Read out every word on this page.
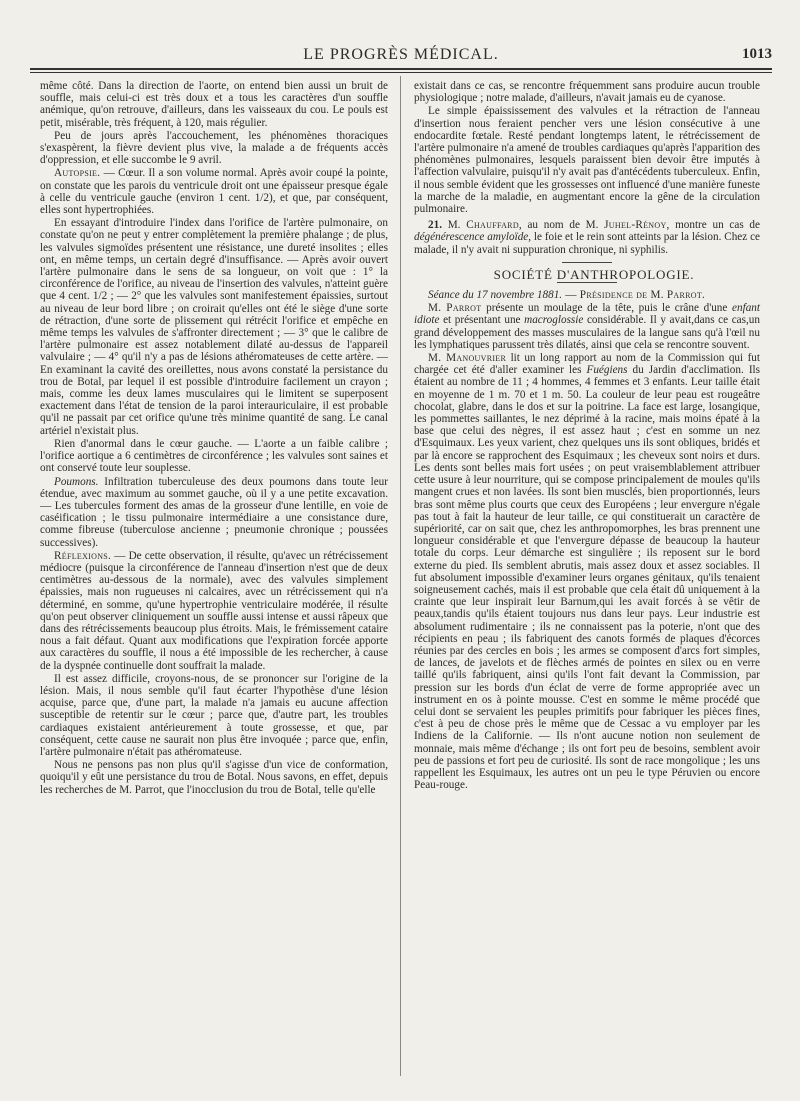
LE PROGRÈS MÉDICAL.	1013

même côté. Dans la direction de l'aorte, on entend bien aussi un bruit de souffle, mais celui-ci est très doux et a tous les caractères d'un souffle anémique, qu'on retrouve, d'ailleurs, dans les vaisseaux du cou. Le pouls est petit, misérable, très fréquent, à 120, mais régulier.

Peu de jours après l'accouchement, les phénomènes thoraciques s'exaspèrent, la fièvre devient plus vive, la malade a de fréquents accès d'oppression, et elle succombe le 9 avril.

Autopsie. — Cœur. Il a son volume normal. Après avoir coupé la pointe, on constate que les parois du ventricule droit ont une épaisseur presque égale à celle du ventricule gauche (environ 1 cent. 1/2), et que, par conséquent, elles sont hypertrophiées.

En essayant d'introduire l'index dans l'orifice de l'artère pulmonaire, on constate qu'on ne peut y entrer complètement la première phalange ; de plus, les valvules sigmoïdes présentent une résistance, une dureté insolites ; elles ont, en même temps, un certain degré d'insuffisance. — Après avoir ouvert l'artère pulmonaire dans le sens de sa longueur, on voit que : 1° la circonférence de l'orifice, au niveau de l'insertion des valvules, n'atteint guère que 4 cent. 1/2 ; — 2° que les valvules sont manifestement épaissies, surtout au niveau de leur bord libre ; on croirait qu'elles ont été le siège d'une sorte de rétraction, d'une sorte de plissement qui rétrécit l'orifice et empêche en même temps les valvules de s'affronter directement ; — 3° que le calibre de l'artère pulmonaire est assez notablement dilaté au-dessus de l'appareil valvulaire ; — 4° qu'il n'y a pas de lésions athéromateuses de cette artère. — En examinant la cavité des oreillettes, nous avons constaté la persistance du trou de Botal, par lequel il est possible d'introduire facilement un crayon ; mais, comme les deux lames musculaires qui le limitent se superposent exactement dans l'état de tension de la paroi interauriculaire, il est probable qu'il ne passait par cet orifice qu'une très minime quantité de sang. Le canal artériel n'existait plus.

Rien d'anormal dans le cœur gauche. — L'aorte a un faible calibre ; l'orifice aortique a 6 centimètres de circonférence ; les valvules sont saines et ont conservé toute leur souplesse.

Poumons. Infiltration tuberculeuse des deux poumons dans toute leur étendue, avec maximum au sommet gauche, où il y a une petite excavation. — Les tubercules forment des amas de la grosseur d'une lentille, en voie de caséification ; le tissu pulmonaire intermédiaire a une consistance dure, comme fibreuse (tuberculose ancienne ; pneumonie chronique ; poussées successives).

Réflexions. — De cette observation, il résulte, qu'avec un rétrécissement médiocre (puisque la circonférence de l'anneau d'insertion n'est que de deux centimètres au-dessous de la normale), avec des valvules simplement épaissies, mais non rugueuses ni calcaires, avec un rétrécissement qui n'a déterminé, en somme, qu'une hypertrophie ventriculaire modérée, il résulte qu'on peut observer cliniquement un souffle aussi intense et aussi râpeux que dans des rétrécissements beaucoup plus étroits. Mais, le frémissement cataire nous a fait défaut. Quant aux modifications que l'expiration forcée apporte aux caractères du souffle, il nous a été impossible de les rechercher, à cause de la dyspnée continuelle dont souffrait la malade.

Il est assez difficile, croyons-nous, de se prononcer sur l'origine de la lésion. Mais, il nous semble qu'il faut écarter l'hypothèse d'une lésion acquise, parce que, d'une part, la malade n'a jamais eu aucune affection susceptible de retentir sur le cœur ; parce que, d'autre part, les troubles cardiaques existaient antérieurement à toute grossesse, et que, par conséquent, cette cause ne saurait non plus être invoquée ; parce que, enfin, l'artère pulmonaire n'était pas athéromateuse.

Nous ne pensons pas non plus qu'il s'agisse d'un vice de conformation, quoiqu'il y eût une persistance du trou de Botal. Nous savons, en effet, depuis les recherches de M. Parrot, que l'inocclusion du trou de Botal, telle qu'elle

existait dans ce cas, se rencontre fréquemment sans produire aucun trouble physiologique ; notre malade, d'ailleurs, n'avait jamais eu de cyanose.

Le simple épaississement des valvules et la rétraction de l'anneau d'insertion nous feraient pencher vers une lésion consécutive à une endocardite fœtale. Resté pendant longtemps latent, le rétrécissement de l'artère pulmonaire n'a amené de troubles cardiaques qu'après l'apparition des phénomènes pulmonaires, lesquels paraissent bien devoir être imputés à l'affection valvulaire, puisqu'il n'y avait pas d'antécédents tuberculeux. Enfin, il nous semble évident que les grossesses ont influencé d'une manière funeste la marche de la maladie, en augmentant encore la gêne de la circulation pulmonaire.

21. M. Chauffard, au nom de M. Juhel-Rénoy, montre un cas de dégénérescence amyloïde, le foie et le rein sont atteints par la lésion. Chez ce malade, il n'y avait ni suppuration chronique, ni syphilis.

SOCIÉTÉ D'ANTHROPOLOGIE.

Séance du 17 novembre 1881. — Présidence de M. Parrot.

M. Parrot présente un moulage de la tête, puis le crâne d'une enfant idiote et présentant une macroglossie considérable. Il y avait,dans ce cas,un grand développement des masses musculaires de la langue sans qu'à l'œil nu les lymphatiques parussent très dilatés, ainsi que cela se rencontre souvent.

M. Manouvrier lit un long rapport au nom de la Commission qui fut chargée cet été d'aller examiner les Fuégiens du Jardin d'acclimation. Ils étaient au nombre de 11 ; 4 hommes, 4 femmes et 3 enfants. Leur taille était en moyenne de 1 m. 70 et 1 m. 50. La couleur de leur peau est rougeâtre chocolat, glabre, dans le dos et sur la poitrine. La face est large, losangique, les pommettes saillantes, le nez déprimé à la racine, mais moins épaté à la base que celui des nègres, il est assez haut ; c'est en somme un nez d'Esquimaux. Les yeux varient, chez quelques uns ils sont obliques, bridés et par là encore se rapprochent des Esquimaux ; les cheveux sont noirs et durs. Les dents sont belles mais fort usées ; on peut vraisemblablement attribuer cette usure à leur nourriture, qui se compose principalement de moules qu'ils mangent crues et non lavées. Ils sont bien musclés, bien proportionnés, leurs bras sont même plus courts que ceux des Européens ; leur envergure n'égale pas tout à fait la hauteur de leur taille, ce qui constituerait un caractère de supériorité, car on sait que, chez les anthropomorphes, les bras prennent une longueur considérable et que l'envergure dépasse de beaucoup la hauteur totale du corps. Leur démarche est singulière ; ils reposent sur le bord externe du pied. Ils semblent abrutis, mais assez doux et assez sociables. Il fut absolument impossible d'examiner leurs organes génitaux, qu'ils tenaient soigneusement cachés, mais il est probable que cela était dû uniquement à la crainte que leur inspirait leur Barnum,qui les avait forcés à se vêtir de peaux,tandis qu'ils étaient toujours nus dans leur pays. Leur industrie est absolument rudimentaire ; ils ne connaissent pas la poterie, n'ont que des récipients en peau ; ils fabriquent des canots formés de plaques d'écorces réunies par des cercles en bois ; les armes se composent d'arcs fort simples, de lances, de javelots et de flèches armés de pointes en silex ou en verre taillé qu'ils fabriquent, ainsi qu'ils l'ont fait devant la Commission, par pression sur les bords d'un éclat de verre de forme appropriée avec un instrument en os à pointe mousse. C'est en somme le même procédé que celui dont se servaient les peuples primitifs pour fabriquer les pièces fines, c'est à peu de chose près le même que de Cessac a vu employer par les Indiens de la Californie. — Ils n'ont aucune notion non seulement de monnaie, mais même d'échange ; ils ont fort peu de besoins, semblent avoir peu de passions et fort peu de curiosité. Ils sont de race mongolique ; les uns rappellent les Esquimaux, les autres ont un peu le type Péruvien ou encore Peau-rouge.
